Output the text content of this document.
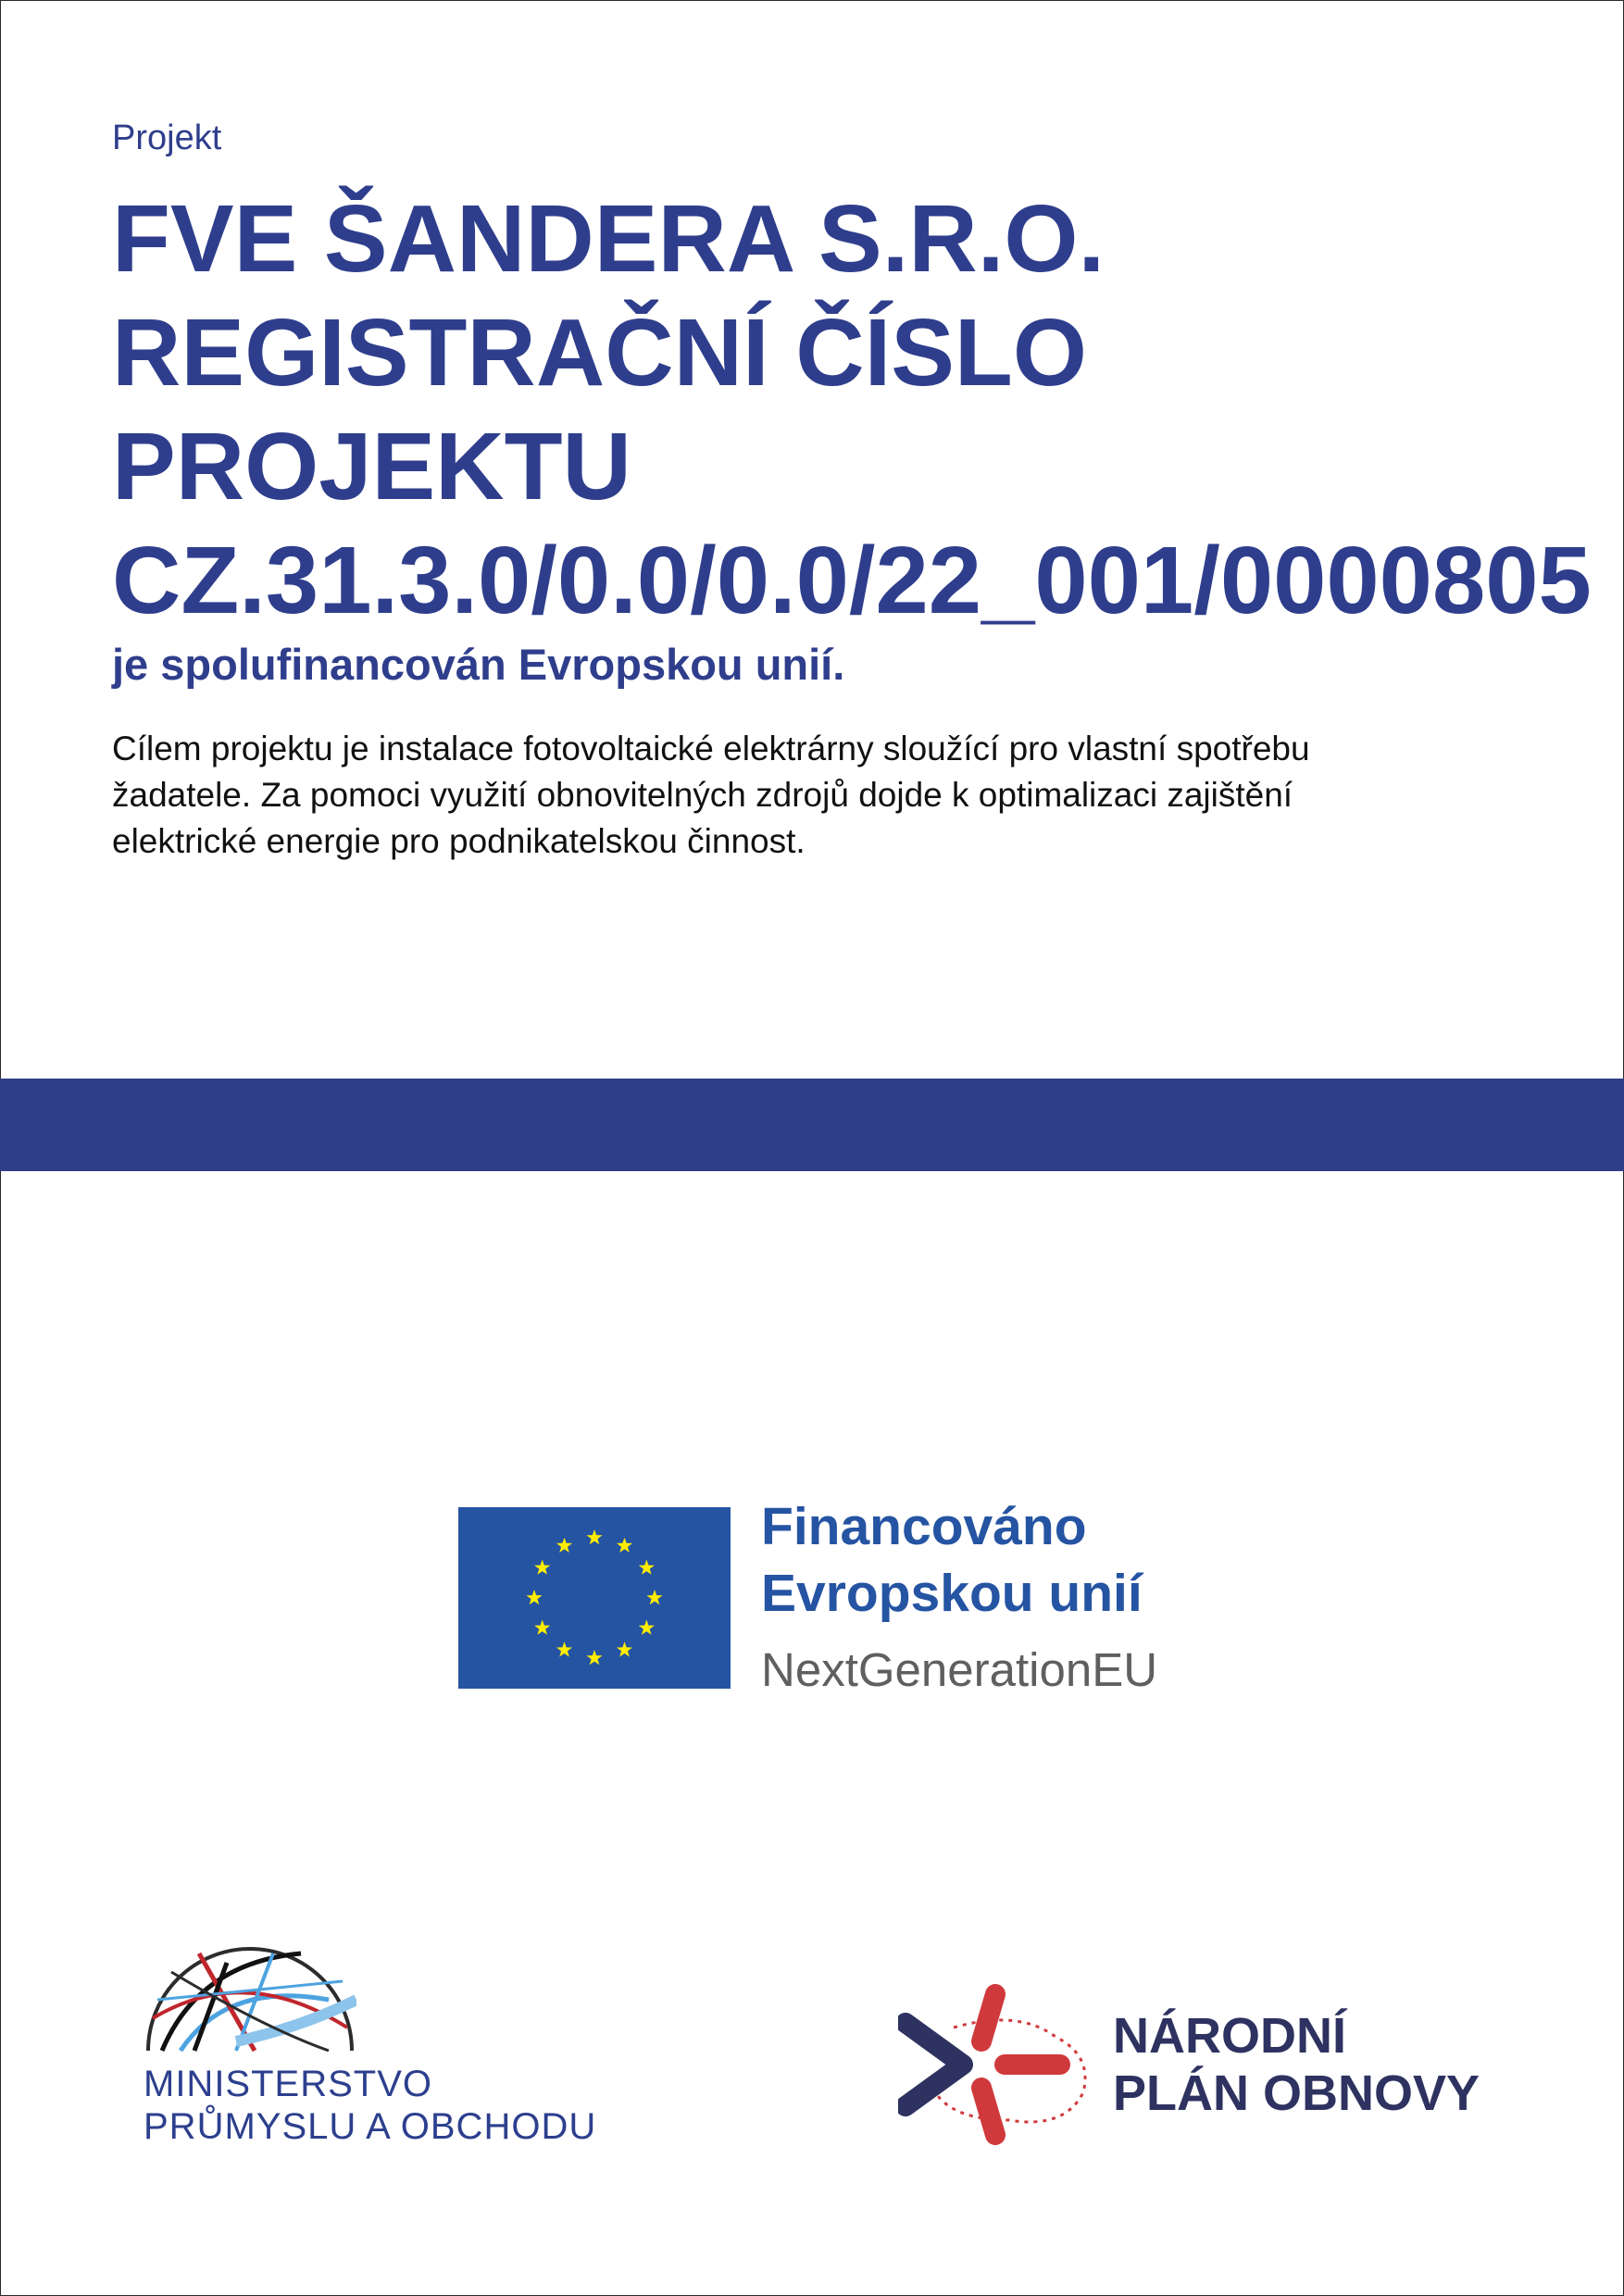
Projekt
FVE ŠANDERA S.R.O.
REGISTRAČNÍ ČÍSLO
PROJEKTU
CZ.31.3.0/0.0/0.0/22_001/0000805
je spolufinancován Evropskou unií.
Cílem projektu je instalace fotovoltaické elektrárny sloužící pro vlastní spotřebu
žadatele. Za pomoci využití obnovitelných zdrojů dojde k optimalizaci zajištění
elektrické energie pro podnikatelskou činnost.
Financováno
Evropskou unií
NextGenerationEU
MINISTERSTVO
PRŮMYSLU A OBCHODU
NÁRODNÍ
PLÁN OBNOVY
